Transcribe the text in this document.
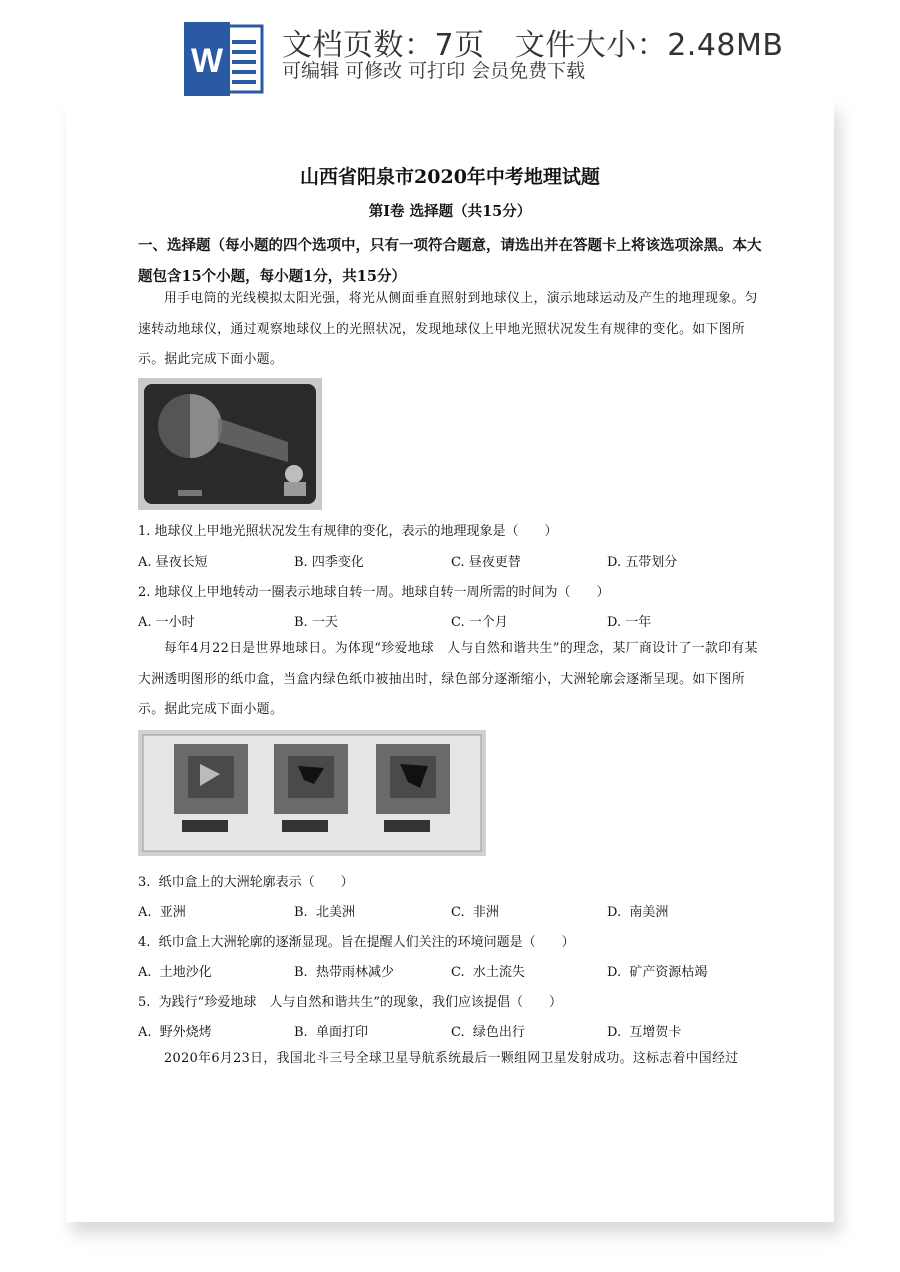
W 文档页数：7页   文件大小：2.48MB
可编辑 可修改 可打印 会员免费下载
山西省阳泉市2020年中考地理试题
第Ⅰ卷 选择题（共15分）
一、选择题（每小题的四个选项中，只有一项符合题意，请选出并在答题卡上将该选项涂黑。本大题包含15个小题，每小题1分，共15分）
用手电筒的光线模拟太阳光强，将光从侧面垂直照射到地球仪上，演示地球运动及产生的地理现象。匀速转动地球仪，通过观察地球仪上的光照状况，发现地球仪上甲地光照状况发生有规律的变化。如下图所示。据此完成下面小题。
1. 地球仪上甲地光照状况发生有规律的变化，表示的地理现象是（　　）
A. 昼夜长短	B. 四季变化	C. 昼夜更替	D. 五带划分
2. 地球仪上甲地转动一圈表示地球自转一周。地球自转一周所需的时间为（　　）
A. 一小时	B. 一天	C. 一个月	D. 一年
每年4月22日是世界地球日。为体现“珍爱地球　人与自然和谐共生”的理念，某厂商设计了一款印有某大洲透明图形的纸巾盒，当盒内绿色纸巾被抽出时，绿色部分逐渐缩小，大洲轮廓会逐渐呈现。如下图所示。据此完成下面小题。
3.  纸巾盒上的大洲轮廓表示（　　）
A.  亚洲	B.  北美洲	C.  非洲	D.  南美洲
4.  纸巾盒上大洲轮廓的逐渐显现。旨在提醒人们关注的环境问题是（　　）
A.  土地沙化	B.  热带雨林减少	C.  水土流失	D.  矿产资源枯竭
5.  为践行“珍爱地球　人与自然和谐共生”的现象，我们应该提倡（　　）
A.  野外烧烤	B.  单面打印	C.  绿色出行	D.  互增贺卡
2020年6月23日，我国北斗三号全球卫星导航系统最后一颗组网卫星发射成功。这标志着中国经过
